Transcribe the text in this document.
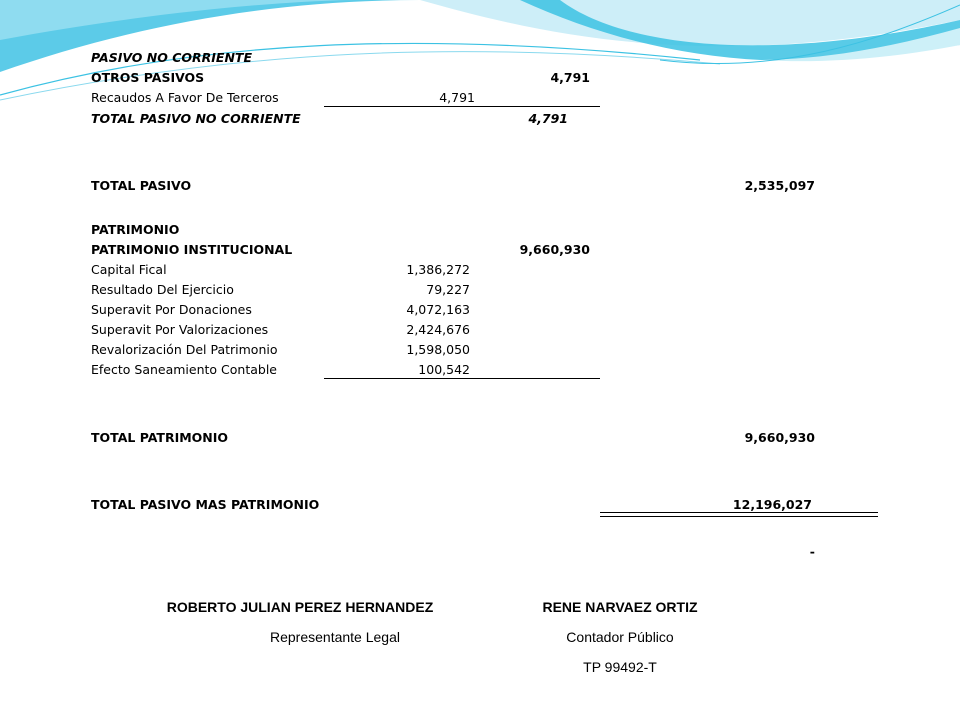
PASIVO NO CORRIENTE
OTROS PASIVOS	4,791
Recaudos A Favor De Terceros	4,791
TOTAL PASIVO NO CORRIENTE	4,791
TOTAL PASIVO	2,535,097
PATRIMONIO
PATRIMONIO INSTITUCIONAL	9,660,930
Capital Fical	1,386,272
Resultado Del Ejercicio	79,227
Superavit Por Donaciones	4,072,163
Superavit Por Valorizaciones	2,424,676
Revalorización Del Patrimonio	1,598,050
Efecto Saneamiento Contable	100,542
TOTAL PATRIMONIO	9,660,930
TOTAL PASIVO MAS PATRIMONIO	12,196,027
-
ROBERTO JULIAN PEREZ HERNANDEZ
Representante Legal
RENE NARVAEZ ORTIZ
Contador Público
TP 99492-T
